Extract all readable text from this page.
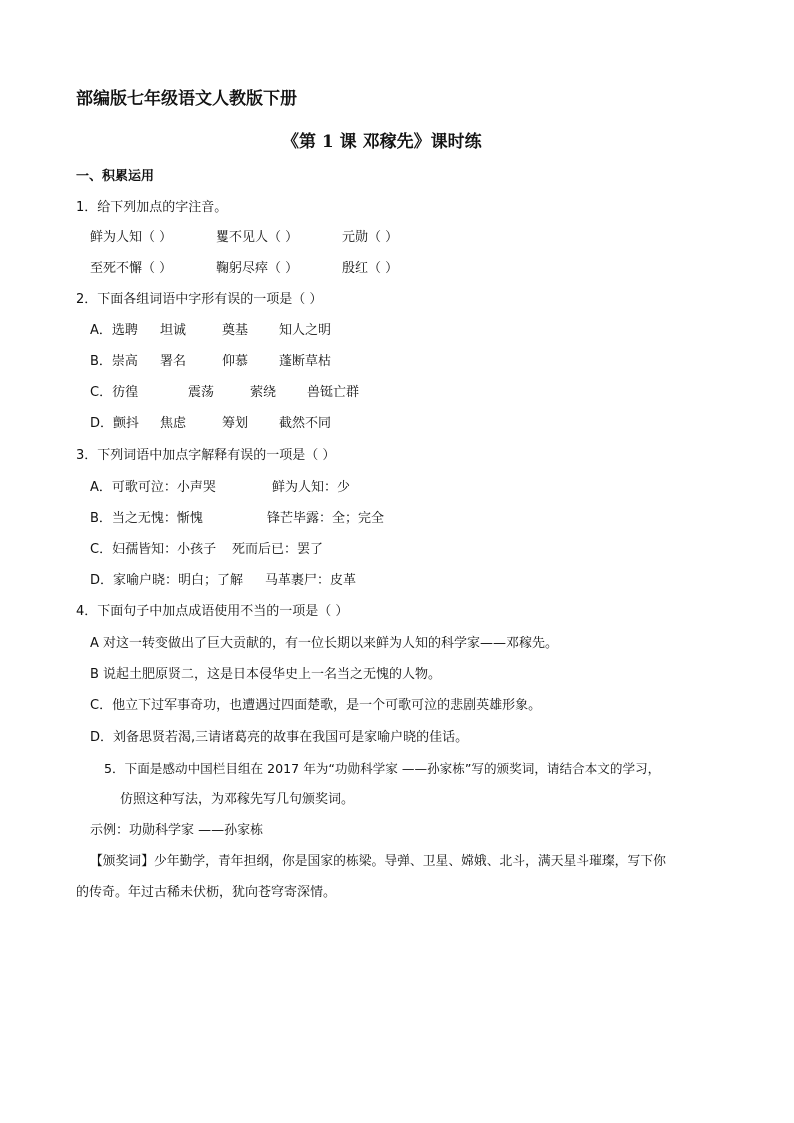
部编版七年级语文人教版下册
《第 1 课 邓稼先》课时练
一、积累运用
1．给下列加点的字注音。
鲜为人知（ ）	矍不见人（ ）	元勋（ ）
至死不懈（ ）	鞠躬尽瘁（ ）	殷红（ ）
2．下面各组词语中字形有误的一项是（ ）
A．选聘 坦诚	奠基 知人之明
B．崇高 署名	仰慕 蓬断草枯
C．彷徨	震荡	萦绕 兽铤亡群
D．颤抖 焦虑	筹划 截然不同
3．下列词语中加点字解释有误的一项是（ ）
A．可歌可泣：小声哭	鲜为人知：少
B．当之无愧：惭愧	锋芒毕露：全；完全
C．妇孺皆知：小孩子 死而后已：罢了
D．家喻户晓：明白；了解 马革裹尸：皮革
4．下面句子中加点成语使用不当的一项是（ ）
A 对这一转变做出了巨大贡献的，有一位长期以来鲜为人知的科学家——邓稼先。
B 说起土肥原贤二，这是日本侵华史上一名当之无愧的人物。
C．他立下过军事奇功，也遭遇过四面楚歌，是一个可歌可泣的悲剧英雄形象。
D．刘备思贤若渴,三请诸葛亮的故事在我国可是家喻户晓的佳话。
5．下面是感动中国栏目组在 2017 年为“功勋科学家 ——孙家栋”写的颁奖词，请结合本文的学习，
仿照这种写法，为邓稼先写几句颁奖词。
示例：功勋科学家 ——孙家栋
【颁奖词】少年勤学，青年担纲，你是国家的栋梁。导弹、卫星、嫦娥、北斗，满天星斗璀璨，写下你
的传奇。年过古稀未伏枥，犹向苍穹寄深情。
